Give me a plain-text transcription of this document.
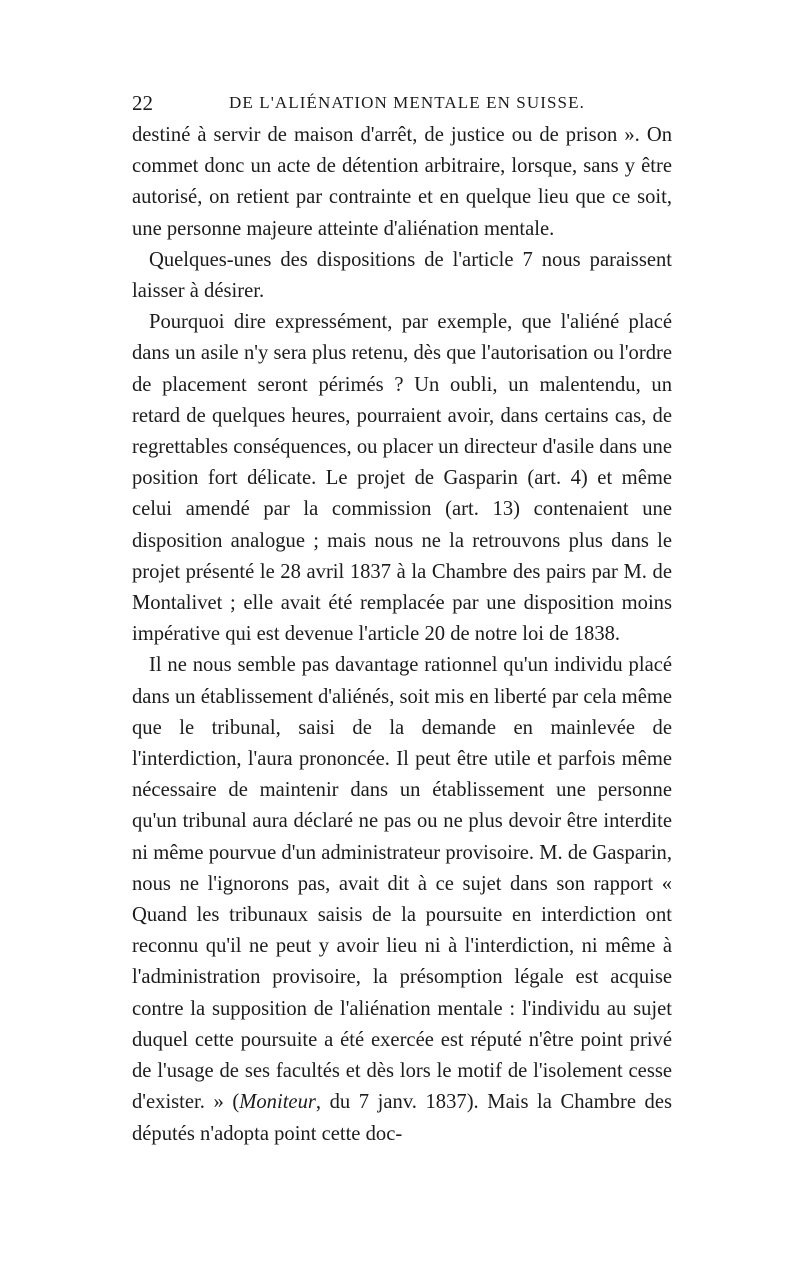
22	DE L'ALIÉNATION MENTALE EN SUISSE.

destiné à servir de maison d'arrêt, de justice ou de prison ». On commet donc un acte de détention arbitraire, lorsque, sans y être autorisé, on retient par contrainte et en quelque lieu que ce soit, une personne majeure atteinte d'aliénation mentale.

Quelques-unes des dispositions de l'article 7 nous paraissent laisser à désirer.

Pourquoi dire expressément, par exemple, que l'aliéné placé dans un asile n'y sera plus retenu, dès que l'autorisation ou l'ordre de placement seront périmés ? Un oubli, un malentendu, un retard de quelques heures, pourraient avoir, dans certains cas, de regrettables conséquences, ou placer un directeur d'asile dans une position fort délicate. Le projet de Gasparin (art. 4) et même celui amendé par la commission (art. 13) contenaient une disposition analogue ; mais nous ne la retrouvons plus dans le projet présenté le 28 avril 1837 à la Chambre des pairs par M. de Montalivet ; elle avait été remplacée par une disposition moins impérative qui est devenue l'article 20 de notre loi de 1838.

Il ne nous semble pas davantage rationnel qu'un individu placé dans un établissement d'aliénés, soit mis en liberté par cela même que le tribunal, saisi de la demande en mainlevée de l'interdiction, l'aura prononcée. Il peut être utile et parfois même nécessaire de maintenir dans un établissement une personne qu'un tribunal aura déclaré ne pas ou ne plus devoir être interdite ni même pourvue d'un administrateur provisoire. M. de Gasparin, nous ne l'ignorons pas, avait dit à ce sujet dans son rapport « Quand les tribunaux saisis de la poursuite en interdiction ont reconnu qu'il ne peut y avoir lieu ni à l'interdiction, ni même à l'administration provisoire, la présomption légale est acquise contre la supposition de l'aliénation mentale : l'individu au sujet duquel cette poursuite a été exercée est réputé n'être point privé de l'usage de ses facultés et dès lors le motif de l'isolement cesse d'exister. » (Moniteur, du 7 janv. 1837). Mais la Chambre des députés n'adopta point cette doc-
